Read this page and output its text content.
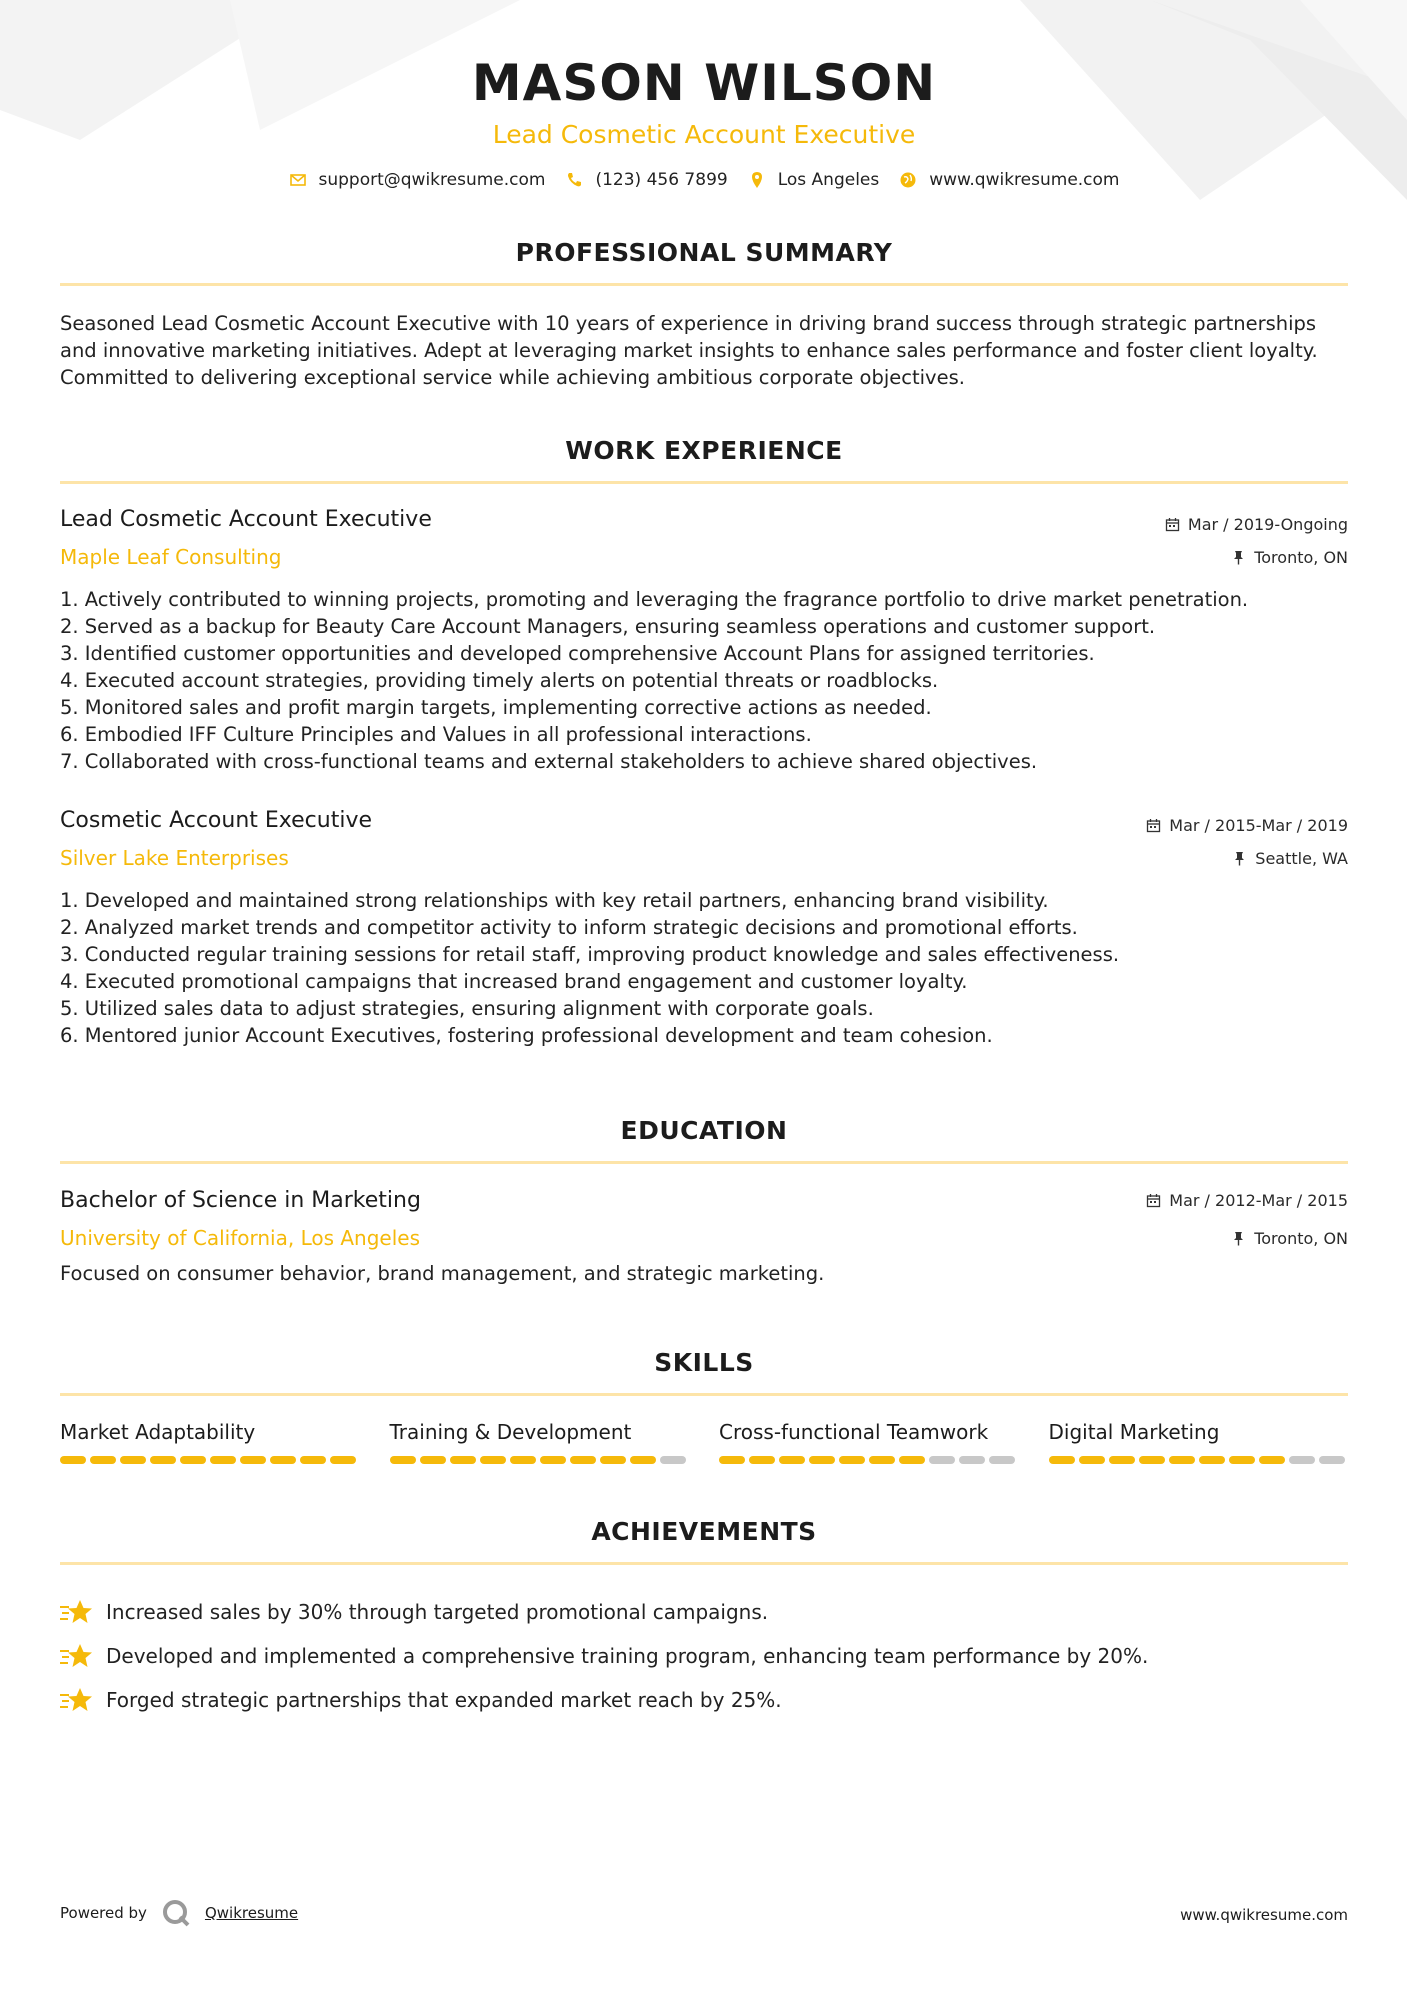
MASON WILSON
Lead Cosmetic Account Executive
support@qwikresume.com	(123) 456 7899	Los Angeles	www.qwikresume.com
PROFESSIONAL SUMMARY

Seasoned Lead Cosmetic Account Executive with 10 years of experience in driving brand success through strategic partnerships and innovative marketing initiatives. Adept at leveraging market insights to enhance sales performance and foster client loyalty. Committed to delivering exceptional service while achieving ambitious corporate objectives.

WORK EXPERIENCE
Lead Cosmetic Account Executive	Mar / 2019-Ongoing
Maple Leaf Consulting	Toronto, ON
1. Actively contributed to winning projects, promoting and leveraging the fragrance portfolio to drive market penetration.
2. Served as a backup for Beauty Care Account Managers, ensuring seamless operations and customer support.
3. Identified customer opportunities and developed comprehensive Account Plans for assigned territories.
4. Executed account strategies, providing timely alerts on potential threats or roadblocks.
5. Monitored sales and profit margin targets, implementing corrective actions as needed.
6. Embodied IFF Culture Principles and Values in all professional interactions.
7. Collaborated with cross-functional teams and external stakeholders to achieve shared objectives.
Cosmetic Account Executive	Mar / 2015-Mar / 2019
Silver Lake Enterprises	Seattle, WA
1. Developed and maintained strong relationships with key retail partners, enhancing brand visibility.
2. Analyzed market trends and competitor activity to inform strategic decisions and promotional efforts.
3. Conducted regular training sessions for retail staff, improving product knowledge and sales effectiveness.
4. Executed promotional campaigns that increased brand engagement and customer loyalty.
5. Utilized sales data to adjust strategies, ensuring alignment with corporate goals.
6. Mentored junior Account Executives, fostering professional development and team cohesion.
EDUCATION
Bachelor of Science in Marketing	Mar / 2012-Mar / 2015
University of California, Los Angeles	Toronto, ON

Focused on consumer behavior, brand management, and strategic marketing.

SKILLS
Market Adaptability	Training & Development	Cross-functional Teamwork	Digital Marketing
ACHIEVEMENTS
Increased sales by 30% through targeted promotional campaigns.
Developed and implemented a comprehensive training program, enhancing team performance by 20%.
Forged strategic partnerships that expanded market reach by 25%.
Powered by	Qwikresume	www.qwikresume.com
